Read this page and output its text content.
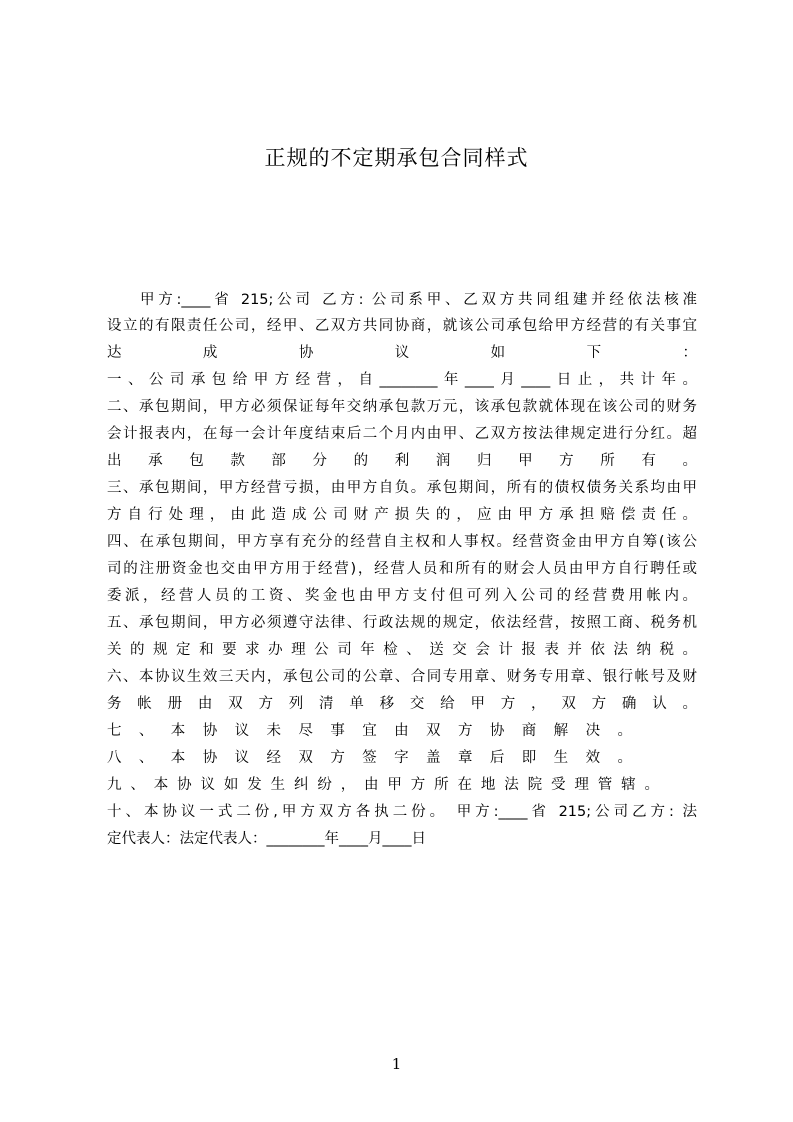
正规的不定期承包合同样式
甲方:____省 215;公司 乙方: 公司系甲、乙双方共同组建并经依法核准
设立的有限责任公司，经甲、乙双方共同协商，就该公司承包给甲方经营的有关事宜
达 成 协 议 如 下 ：
一、公司承包给甲方经营，自________年____月____日止，共计年。
二、承包期间，甲方必须保证每年交纳承包款万元，该承包款就体现在该公司的财务
会计报表内，在每一会计年度结束后二个月内由甲、乙双方按法律规定进行分红。超
出 承 包 款 部 分 的 利 润 归 甲 方 所 有 。
三、承包期间，甲方经营亏损，由甲方自负。承包期间，所有的债权债务关系均由甲
方 自 行 处 理 ， 由 此 造 成 公 司 财 产 损 失 的 ， 应 由 甲 方 承 担 赔 偿 责 任 。
四、在承包期间，甲方享有充分的经营自主权和人事权。经营资金由甲方自筹(该公
司的注册资金也交由甲方用于经营)，经营人员和所有的财会人员由甲方自行聘任或
委派，经营人员的工资、奖金也由甲方支付但可列入公司的经营费用帐内。
五、承包期间，甲方必须遵守法律、行政法规的规定，依法经营，按照工商、税务机
关 的 规 定 和 要 求 办 理 公 司 年 检 、 送 交 会 计 报 表 并 依 法 纳 税 。
六、本协议生效三天内，承包公司的公章、合同专用章、财务专用章、银行帐号及财
务 帐 册 由 双 方 列 清 单 移 交 给 甲 方 ， 双 方 确 认 。
七 、 本 协 议 未 尽 事 宜 由 双 方 协 商 解 决 。
八 、 本 协 议 经 双 方 签 字 盖 章 后 即 生 效 。
九 、 本 协 议 如 发 生 纠 纷 ， 由 甲 方 所 在 地 法 院 受 理 管 辖 。
十、本协议一式二份,甲方双方各执二份。 甲方:____省 215;公司乙方: 法
定代表人：法定代表人：________年____月____日
1
